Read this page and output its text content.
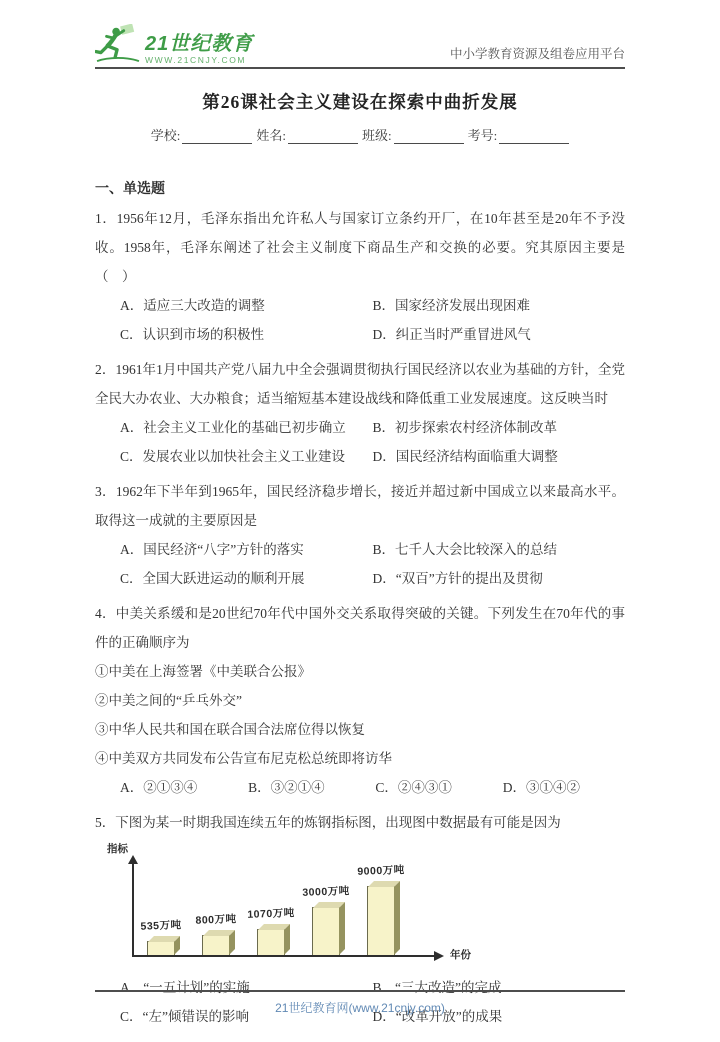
21世纪教育
WWW.21CNJY.COM	中小学教育资源及组卷应用平台
第26课社会主义建设在探索中曲折发展
学校:	姓名:	班级:	考号:
一、单选题

1．1956年12月，毛泽东指出允许私人与国家订立条约开厂，在10年甚至是20年不予没收。1958年，毛泽东阐述了社会主义制度下商品生产和交换的必要。究其原因主要是（　）

A．适应三大改造的调整	B．国家经济发展出现困难
C．认识到市场的积极性	D．纠正当时严重冒进风气

2．1961年1月中国共产党八届九中全会强调贯彻执行国民经济以农业为基础的方针，全党全民大办农业、大办粮食；适当缩短基本建设战线和降低重工业发展速度。这反映当时

A．社会主义工业化的基础已初步确立	B．初步探索农村经济体制改革
C．发展农业以加快社会主义工业建设	D．国民经济结构面临重大调整

3．1962年下半年到1965年，国民经济稳步增长，接近并超过新中国成立以来最高水平。取得这一成就的主要原因是

A．国民经济“八字”方针的落实	B．七千人大会比较深入的总结
C．全国大跃进运动的顺利开展	D．“双百”方针的提出及贯彻

4．中美关系缓和是20世纪70年代中国外交关系取得突破的关键。下列发生在70年代的事件的正确顺序为

①中美在上海签署《中美联合公报》
②中美之间的“乒乓外交”
③中华人民共和国在联合国合法席位得以恢复
④中美双方共同发布公告宣布尼克松总统即将访华
A．②①③④	B．③②①④	C．②④③①	D．③①④②

5．下图为某一时期我国连续五年的炼钢指标图，出现图中数据最有可能是因为

指标
535万吨 800万吨 1070万吨
3000万吨
9000万吨
年份
A．“一五计划”的实施	B．“三大改造”的完成
C．“左”倾错误的影响	D．“改革开放”的成果
21世纪教育网(www.21cnjy.com)
